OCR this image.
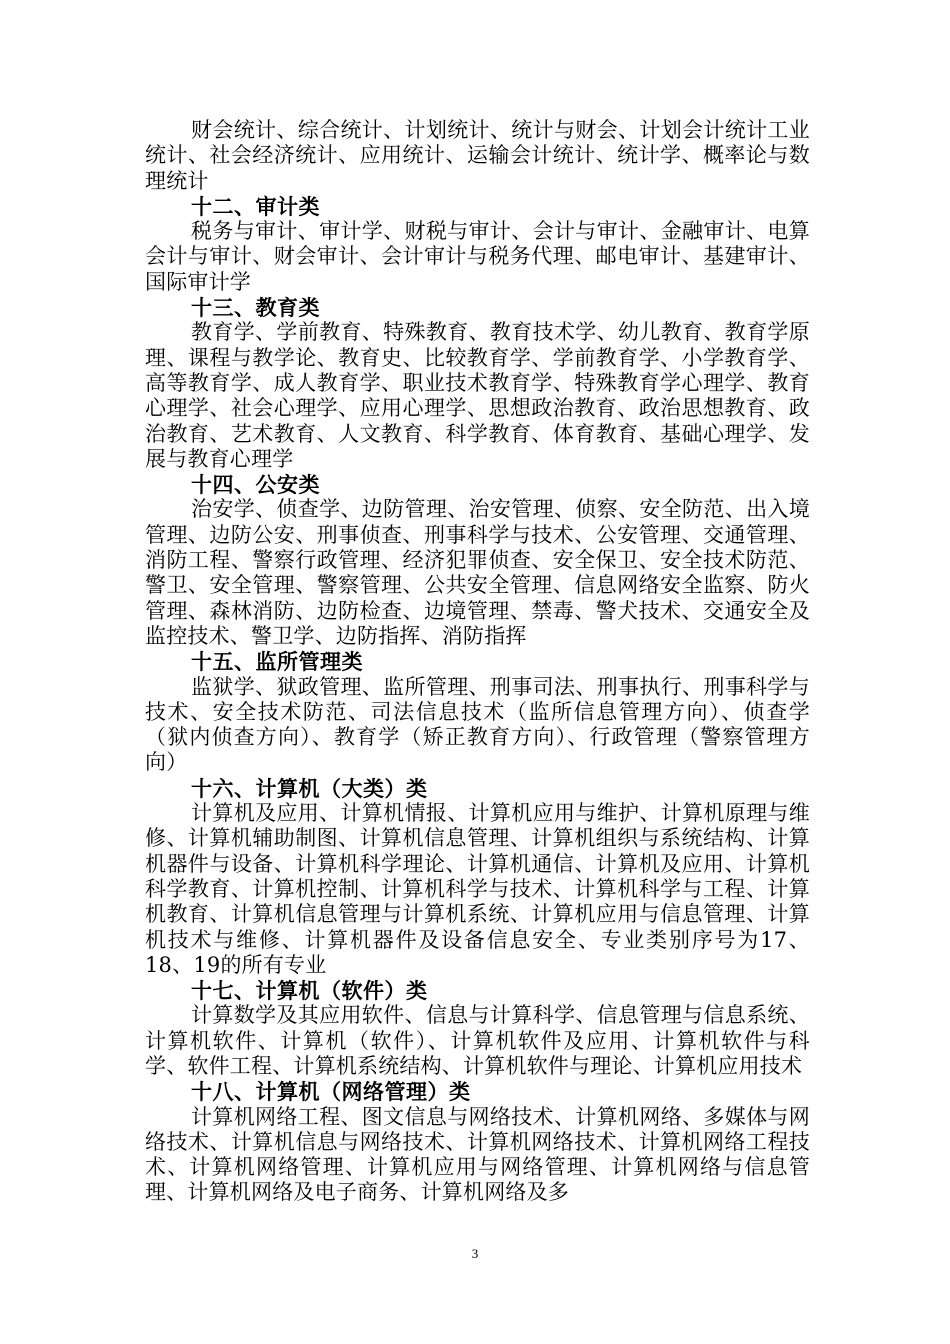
财会统计、综合统计、计划统计、统计与财会、计划会计统计工业统计、社会经济统计、应用统计、运输会计统计、统计学、概率论与数理统计

十二、审计类

税务与审计、审计学、财税与审计、会计与审计、金融审计、电算会计与审计、财会审计、会计审计与税务代理、邮电审计、基建审计、国际审计学

十三、教育类

教育学、学前教育、特殊教育、教育技术学、幼儿教育、教育学原理、课程与教学论、教育史、比较教育学、学前教育学、小学教育学、高等教育学、成人教育学、职业技术教育学、特殊教育学心理学、教育心理学、社会心理学、应用心理学、思想政治教育、政治思想教育、政治教育、艺术教育、人文教育、科学教育、体育教育、基础心理学、发展与教育心理学

十四、公安类

治安学、侦查学、边防管理、治安管理、侦察、安全防范、出入境管理、边防公安、刑事侦查、刑事科学与技术、公安管理、交通管理、消防工程、警察行政管理、经济犯罪侦查、安全保卫、安全技术防范、警卫、安全管理、警察管理、公共安全管理、信息网络安全监察、防火管理、森林消防、边防检查、边境管理、禁毒、警犬技术、交通安全及监控技术、警卫学、边防指挥、消防指挥

十五、监所管理类

监狱学、狱政管理、监所管理、刑事司法、刑事执行、刑事科学与技术、安全技术防范、司法信息技术（监所信息管理方向）、侦查学（狱内侦查方向）、教育学（矫正教育方向）、行政管理（警察管理方向）

十六、计算机（大类）类

计算机及应用、计算机情报、计算机应用与维护、计算机原理与维修、计算机辅助制图、计算机信息管理、计算机组织与系统结构、计算机器件与设备、计算机科学理论、计算机通信、计算机及应用、计算机科学教育、计算机控制、计算机科学与技术、计算机科学与工程、计算机教育、计算机信息管理与计算机系统、计算机应用与信息管理、计算机技术与维修、计算机器件及设备信息安全、专业类别序号为17、18、19的所有专业

十七、计算机（软件）类

计算数学及其应用软件、信息与计算科学、信息管理与信息系统、计算机软件、计算机（软件）、计算机软件及应用、计算机软件与科学、软件工程、计算机系统结构、计算机软件与理论、计算机应用技术

十八、计算机（网络管理）类

计算机网络工程、图文信息与网络技术、计算机网络、多媒体与网络技术、计算机信息与网络技术、计算机网络技术、计算机网络工程技术、计算机网络管理、计算机应用与网络管理、计算机网络与信息管理、计算机网络及电子商务、计算机网络及多

3
